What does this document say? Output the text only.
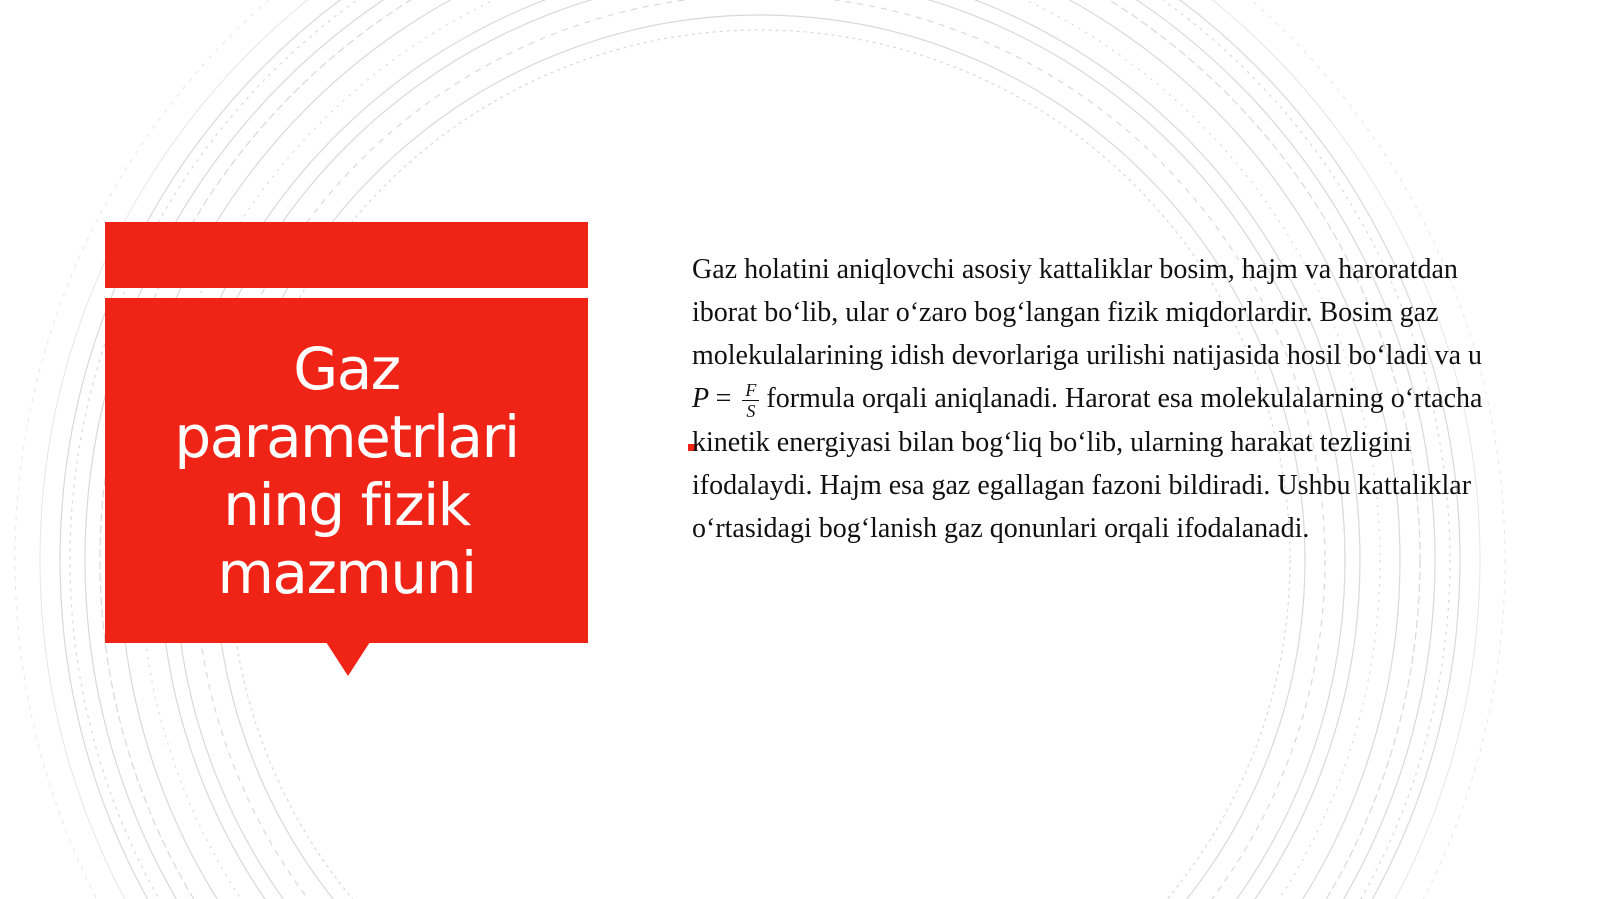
Gaz parametrlari ning fizik mazmuni

Gaz holatini aniqlovchi asosiy kattaliklar bosim, hajm va haroratdan iborat bo‘lib, ular o‘zaro bog‘langan fizik miqdorlardir. Bosim gaz molekulalarining idish devorlariga urilishi natijasida hosil bo‘ladi va u $P = \frac{F}{S}$ formula orqali aniqlanadi. Harorat esa molekulalarning o‘rtacha kinetik energiyasi bilan bog‘liq bo‘lib, ularning harakat tezligini ifodalaydi. Hajm esa gaz egallagan fazoni bildiradi. Ushbu kattaliklar o‘rtasidagi bog‘lanish gaz qonunlari orqali ifodalanadi.
